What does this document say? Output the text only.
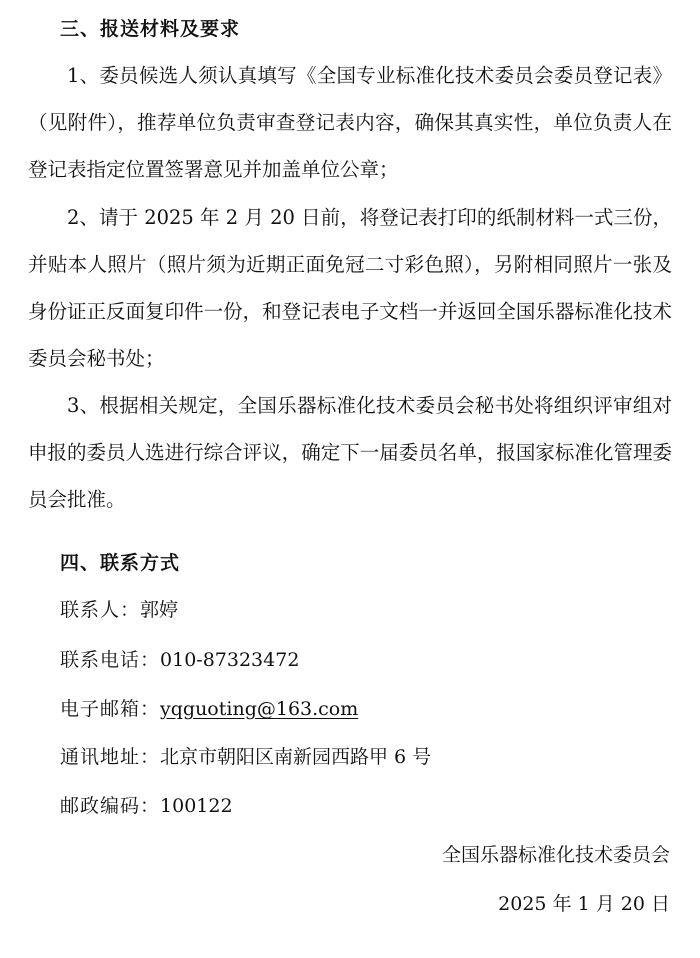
三、报送材料及要求

1、委员候选人须认真填写《全国专业标准化技术委员会委员登记表》（见附件），推荐单位负责审查登记表内容，确保其真实性，单位负责人在登记表指定位置签署意见并加盖单位公章；

2、请于 2025 年 2 月 20 日前，将登记表打印的纸制材料一式三份，并贴本人照片（照片须为近期正面免冠二寸彩色照），另附相同照片一张及身份证正反面复印件一份，和登记表电子文档一并返回全国乐器标准化技术委员会秘书处；

3、根据相关规定，全国乐器标准化技术委员会秘书处将组织评审组对申报的委员人选进行综合评议，确定下一届委员名单，报国家标准化管理委员会批准。

四、联系方式
联系人：郭婷
联系电话：010-87323472
电子邮箱：yqguoting@163.com
通讯地址：北京市朝阳区南新园西路甲 6 号
邮政编码：100122
全国乐器标准化技术委员会
2025 年 1 月 20 日
